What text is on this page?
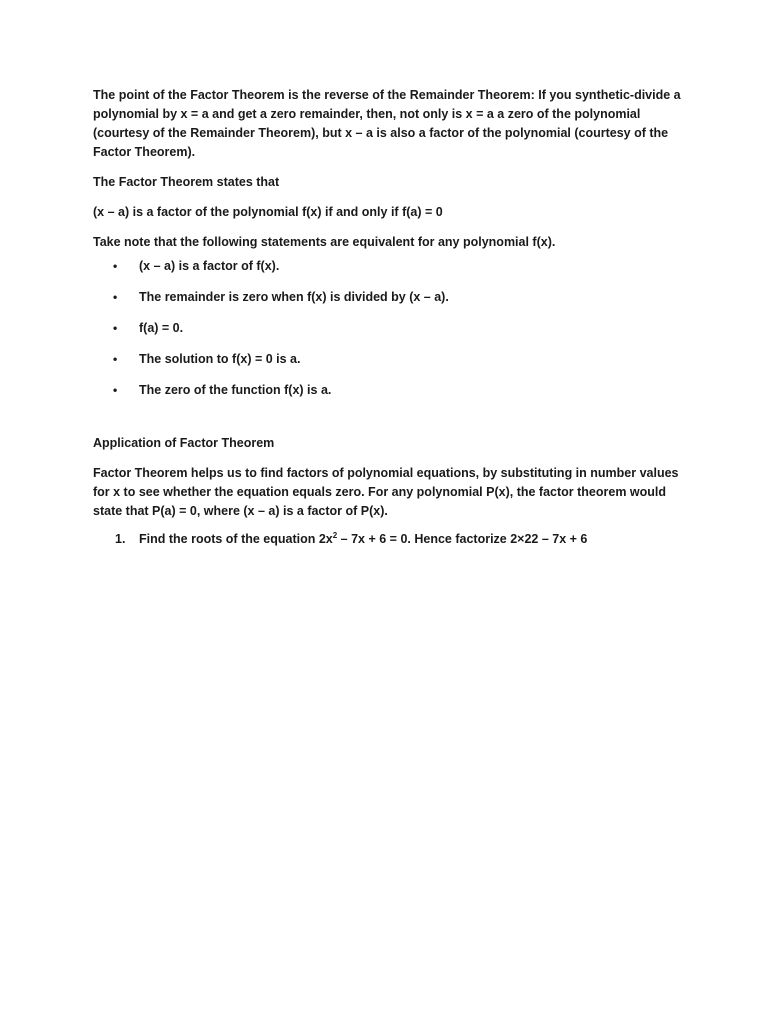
The point of the Factor Theorem is the reverse of the Remainder Theorem: If you synthetic-divide a polynomial by x = a and get a zero remainder, then, not only is x = a a zero of the polynomial (courtesy of the Remainder Theorem), but x – a is also a factor of the polynomial (courtesy of the Factor Theorem).

The Factor Theorem states that

(x – a) is a factor of the polynomial f(x) if and only if f(a) = 0

Take note that the following statements are equivalent for any polynomial f(x).

• (x – a) is a factor of f(x).
• The remainder is zero when f(x) is divided by (x – a).
• f(a) = 0.
• The solution to f(x) = 0 is a.
• The zero of the function f(x) is a.

Application of Factor Theorem

Factor Theorem helps us to find factors of polynomial equations, by substituting in number values for x to see whether the equation equals zero. For any polynomial P(x), the factor theorem would state that P(a) = 0, where (x – a) is a factor of P(x).

1. Find the roots of the equation $2x^2 - 7x + 6 = 0$. Hence factorize 2×22 – 7x + 6
